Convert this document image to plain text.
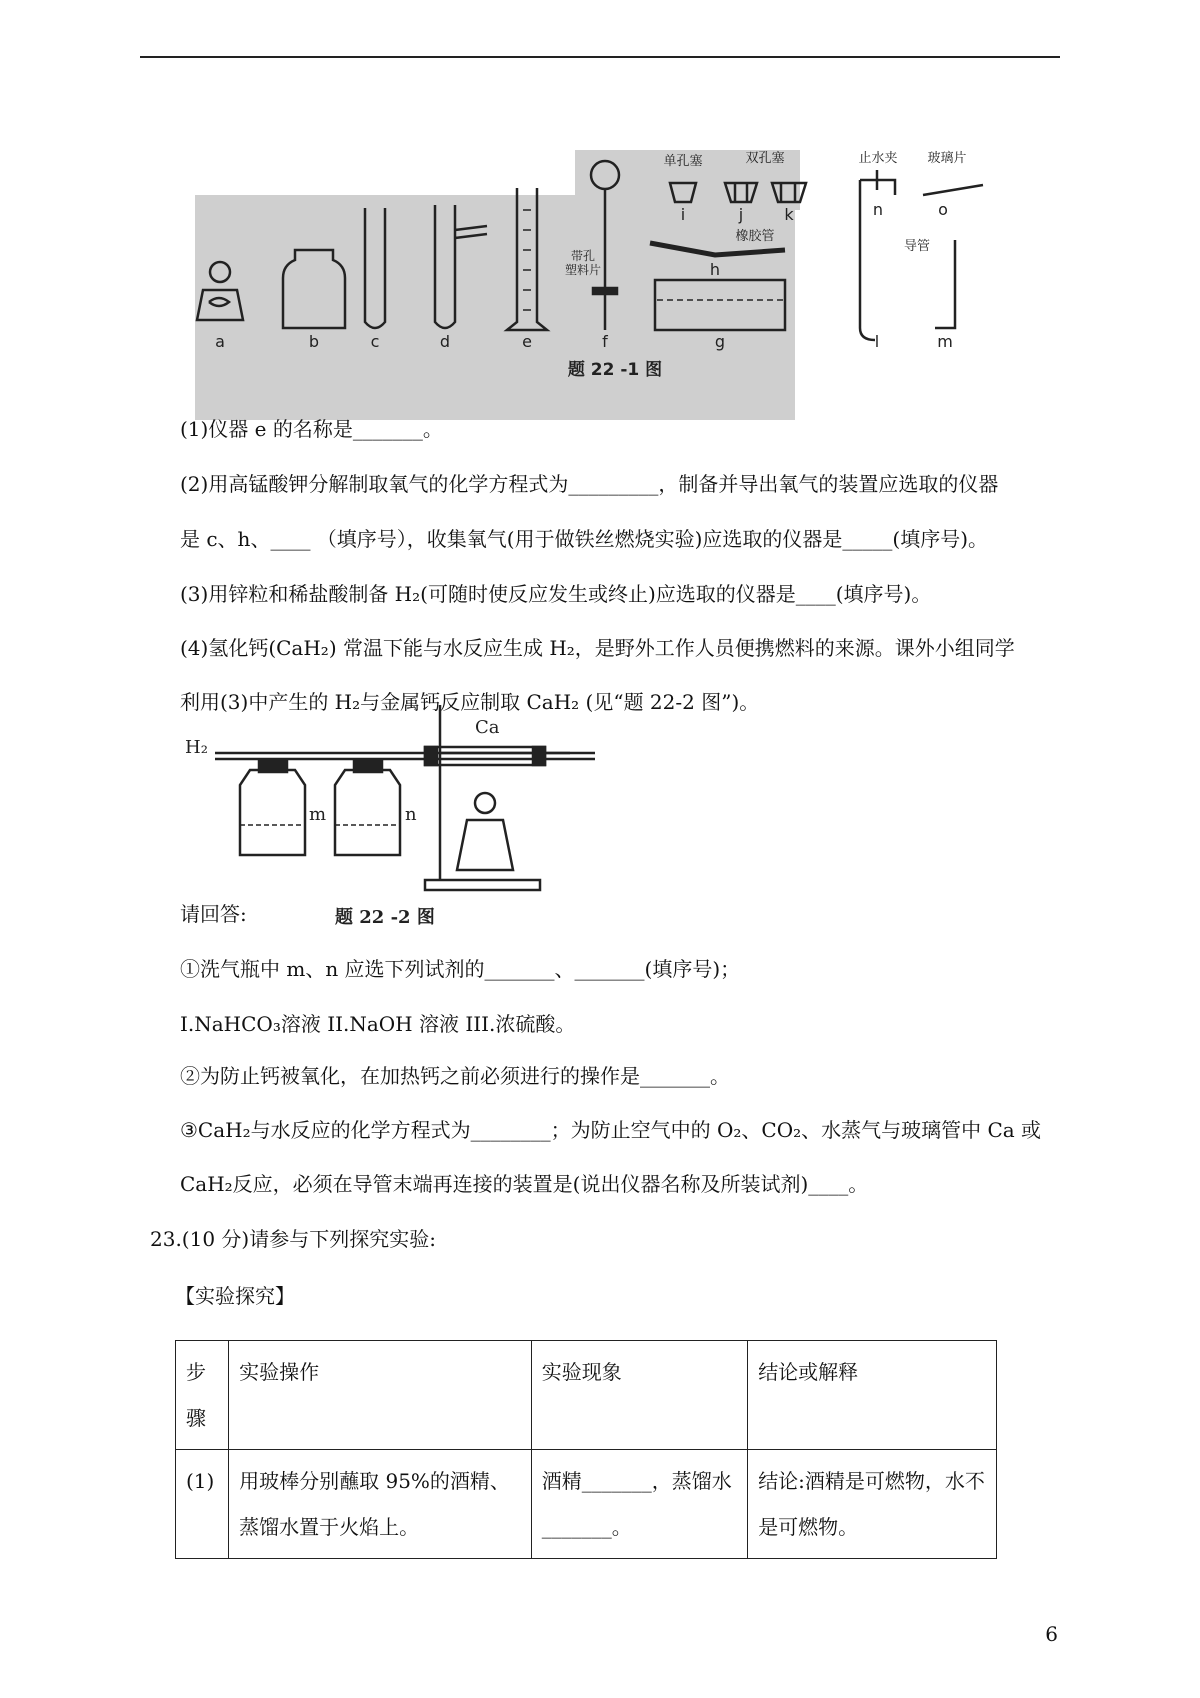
a	b	c	d	e	f	g
h
i	j	k
l	m
n	o
单孔塞	双孔塞	止水夹 玻璃片
橡胶管
导管
带孔
塑料片
题 22 -1 图
(1)仪器 e 的名称是_______。
(2)用高锰酸钾分解制取氧气的化学方程式为_________，制备并导出氧气的装置应选取的仪器
是 c、h、____ （填序号），收集氧气(用于做铁丝燃烧实验)应选取的仪器是_____(填序号)。
(3)用锌粒和稀盐酸制备 H₂(可随时使反应发生或终止)应选取的仪器是____(填序号)。
(4)氢化钙(CaH₂) 常温下能与水反应生成 H₂，是野外工作人员便携燃料的来源。课外小组同学
利用(3)中产生的 H₂与金属钙反应制取 CaH₂ (见“题 22-2 图”)。
H₂
Ca
m	n
题 22 -2 图
请回答:
①洗气瓶中 m、n 应选下列试剂的_______、_______(填序号)；
I.NaHCO₃溶液 II.NaOH 溶液 III.浓硫酸。
②为防止钙被氧化，在加热钙之前必须进行的操作是_______。
③CaH₂与水反应的化学方程式为________；为防止空气中的 O₂、CO₂、水蒸气与玻璃管中 Ca 或
CaH₂反应，必须在导管末端再连接的装置是(说出仪器名称及所装试剂)____。
23.(10 分)请参与下列探究实验:
【实验探究】
步骤	实验操作	实验现象	结论或解释
(1)	用玻棒分别蘸取 95%的酒精、蒸馏水置于火焰上。	酒精_______，蒸馏水_______。	结论:酒精是可燃物，水不是可燃物。
6
